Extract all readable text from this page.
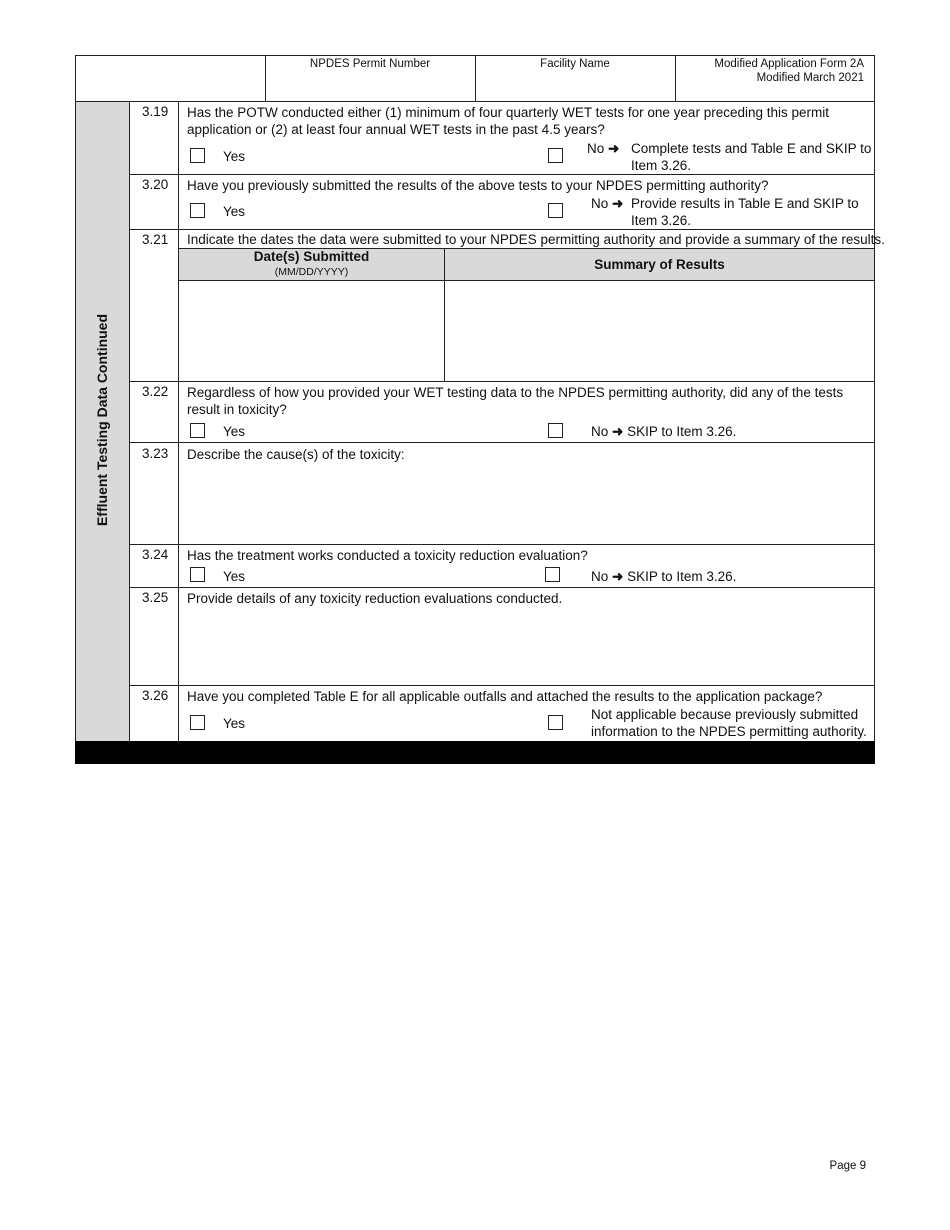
NPDES Permit Number	Facility Name	Modified Application Form 2A
Modified March 2021
Effluent Testing Data Continued
3.19 Has the POTW conducted either (1) minimum of four quarterly WET tests for one year preceding this permit application or (2) at least four annual WET tests in the past 4.5 years?
Yes
No ➜ Complete tests and Table E and SKIP to
Item 3.26.
3.20 Have you previously submitted the results of the above tests to your NPDES permitting authority?
Yes
No ➜ Provide results in Table E and SKIP to
Item 3.26.
3.21 Indicate the dates the data were submitted to your NPDES permitting authority and provide a summary of the results.
Date(s) Submitted
(MM/DD/YYYY)	Summary of Results
3.22 Regardless of how you provided your WET testing data to the NPDES permitting authority, did any of the tests result in toxicity?
Yes	No ➜ SKIP to Item 3.26.
3.23 Describe the cause(s) of the toxicity:
3.24 Has the treatment works conducted a toxicity reduction evaluation?
Yes	No ➜ SKIP to Item 3.26.
3.25 Provide details of any toxicity reduction evaluations conducted.
3.26 Have you completed Table E for all applicable outfalls and attached the results to the application package?
Yes
Not applicable because previously submitted
information to the NPDES permitting authority.
Page 9
